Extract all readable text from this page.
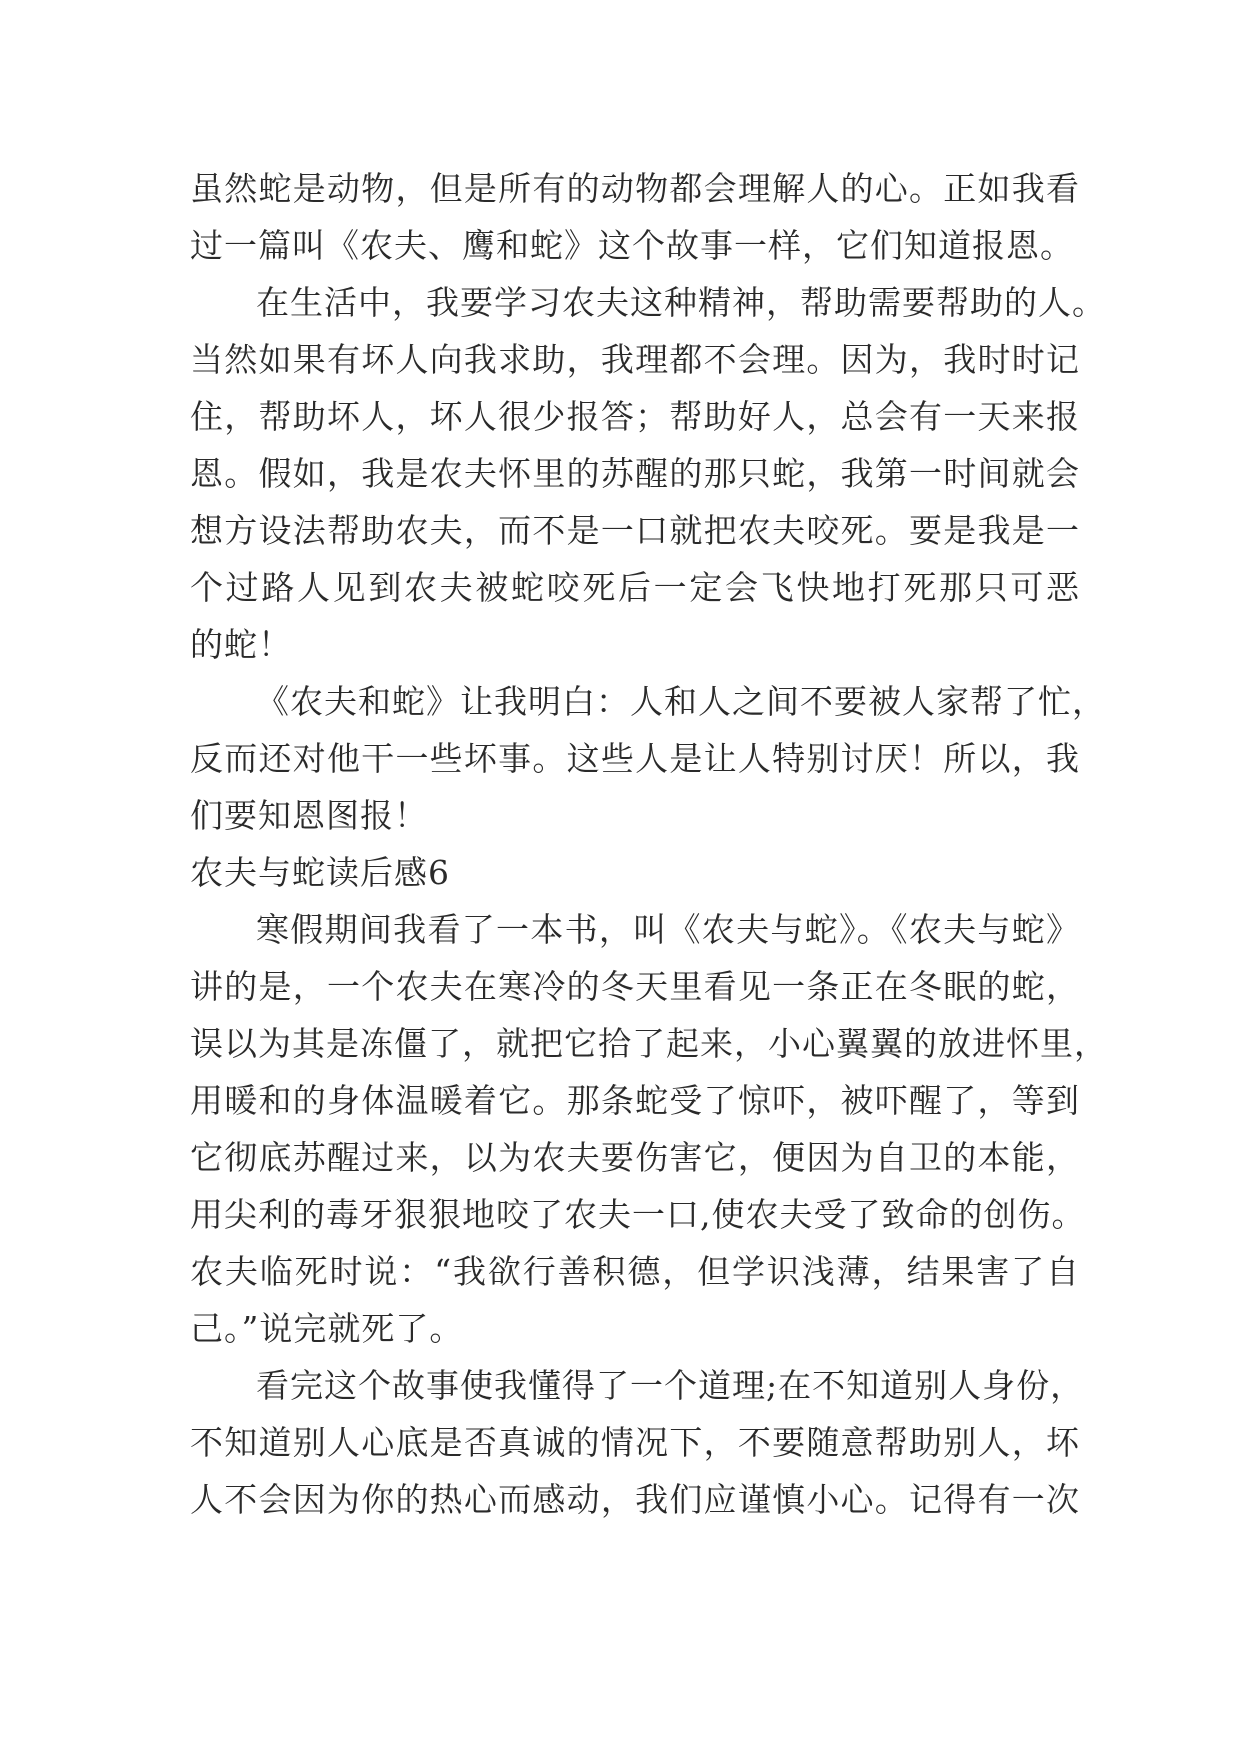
虽然蛇是动物，但是所有的动物都会理解人的心。正如我看
过一篇叫《农夫、鹰和蛇》这个故事一样，它们知道报恩。
在生活中，我要学习农夫这种精神，帮助需要帮助的人。
当然如果有坏人向我求助，我理都不会理。因为，我时时记
住，帮助坏人，坏人很少报答；帮助好人，总会有一天来报
恩。假如，我是农夫怀里的苏醒的那只蛇，我第一时间就会
想方设法帮助农夫，而不是一口就把农夫咬死。要是我是一
个过路人见到农夫被蛇咬死后一定会飞快地打死那只可恶
的蛇！
《农夫和蛇》让我明白：人和人之间不要被人家帮了忙，
反而还对他干一些坏事。这些人是让人特别讨厌！所以，我
们要知恩图报！
农夫与蛇读后感6
寒假期间我看了一本书，叫《农夫与蛇》。《农夫与蛇》
讲的是，一个农夫在寒冷的冬天里看见一条正在冬眠的蛇，
误以为其是冻僵了，就把它拾了起来，小心翼翼的放进怀里，
用暖和的身体温暖着它。那条蛇受了惊吓，被吓醒了，等到
它彻底苏醒过来，以为农夫要伤害它，便因为自卫的本能，
用尖利的毒牙狠狠地咬了农夫一口,使农夫受了致命的创伤。
农夫临死时说：“我欲行善积德，但学识浅薄，结果害了自
己。”说完就死了。
看完这个故事使我懂得了一个道理;在不知道别人身份，
不知道别人心底是否真诚的情况下，不要随意帮助别人，坏
人不会因为你的热心而感动，我们应谨慎小心。记得有一次
